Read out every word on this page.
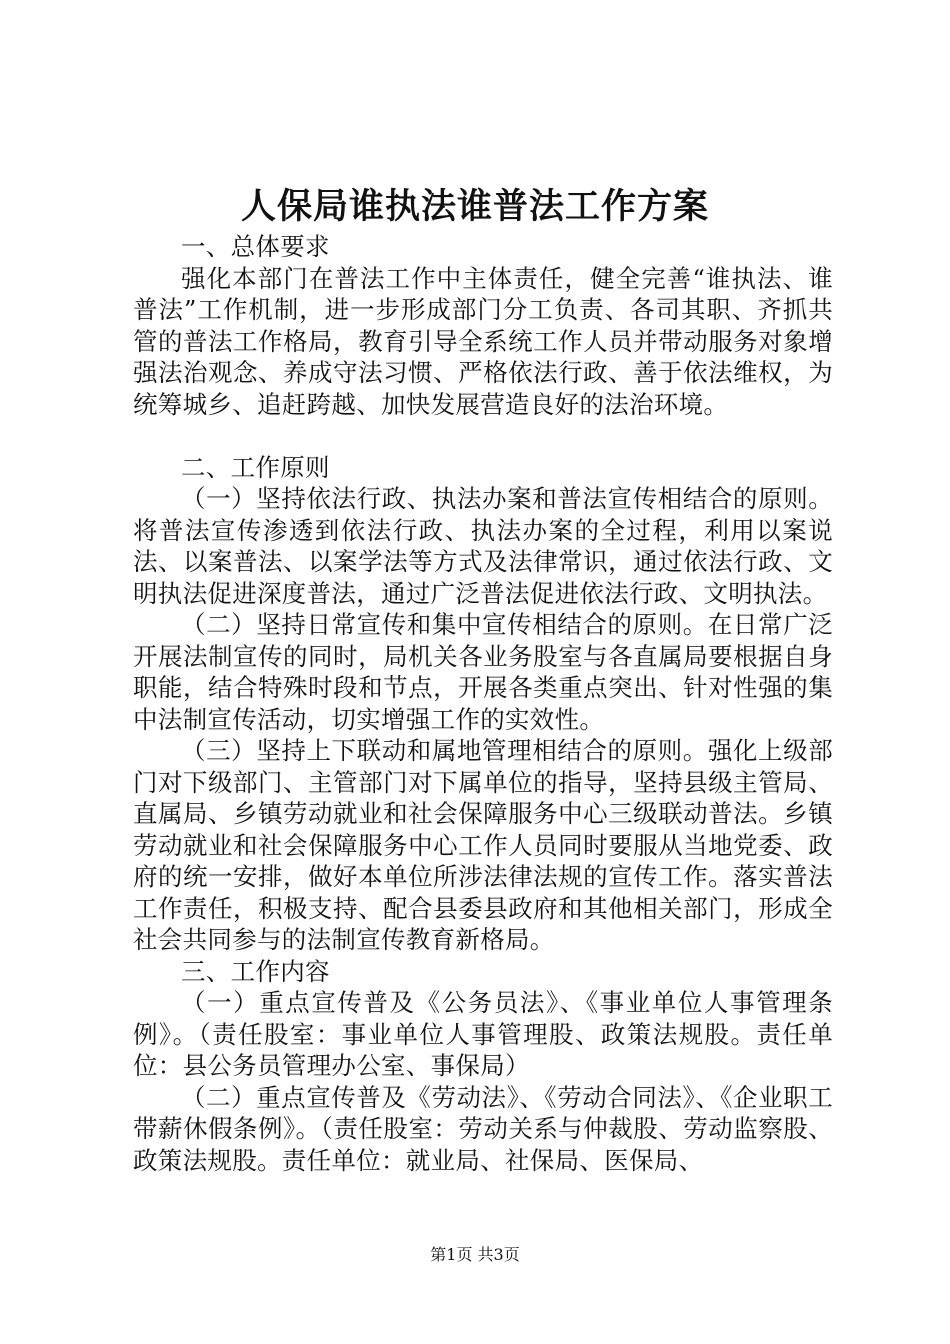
人保局谁执法谁普法工作方案

一、总体要求

强化本部门在普法工作中主体责任，健全完善“谁执法、谁普法”工作机制，进一步形成部门分工负责、各司其职、齐抓共管的普法工作格局，教育引导全系统工作人员并带动服务对象增强法治观念、养成守法习惯、严格依法行政、善于依法维权，为统筹城乡、追赶跨越、加快发展营造良好的法治环境。

二、工作原则

（一）坚持依法行政、执法办案和普法宣传相结合的原则。将普法宣传渗透到依法行政、执法办案的全过程，利用以案说法、以案普法、以案学法等方式及法律常识，通过依法行政、文明执法促进深度普法，通过广泛普法促进依法行政、文明执法。

（二）坚持日常宣传和集中宣传相结合的原则。在日常广泛开展法制宣传的同时，局机关各业务股室与各直属局要根据自身职能，结合特殊时段和节点，开展各类重点突出、针对性强的集中法制宣传活动，切实增强工作的实效性。

（三）坚持上下联动和属地管理相结合的原则。强化上级部门对下级部门、主管部门对下属单位的指导，坚持县级主管局、直属局、乡镇劳动就业和社会保障服务中心三级联动普法。乡镇劳动就业和社会保障服务中心工作人员同时要服从当地党委、政府的统一安排，做好本单位所涉法律法规的宣传工作。落实普法工作责任，积极支持、配合县委县政府和其他相关部门，形成全社会共同参与的法制宣传教育新格局。

三、工作内容

（一）重点宣传普及《公务员法》、《事业单位人事管理条例》。（责任股室：事业单位人事管理股、政策法规股。责任单位：县公务员管理办公室、事保局）

（二）重点宣传普及《劳动法》、《劳动合同法》、《企业职工带薪休假条例》。（责任股室：劳动关系与仲裁股、劳动监察股、政策法规股。责任单位：就业局、社保局、医保局、

第1页 共3页
